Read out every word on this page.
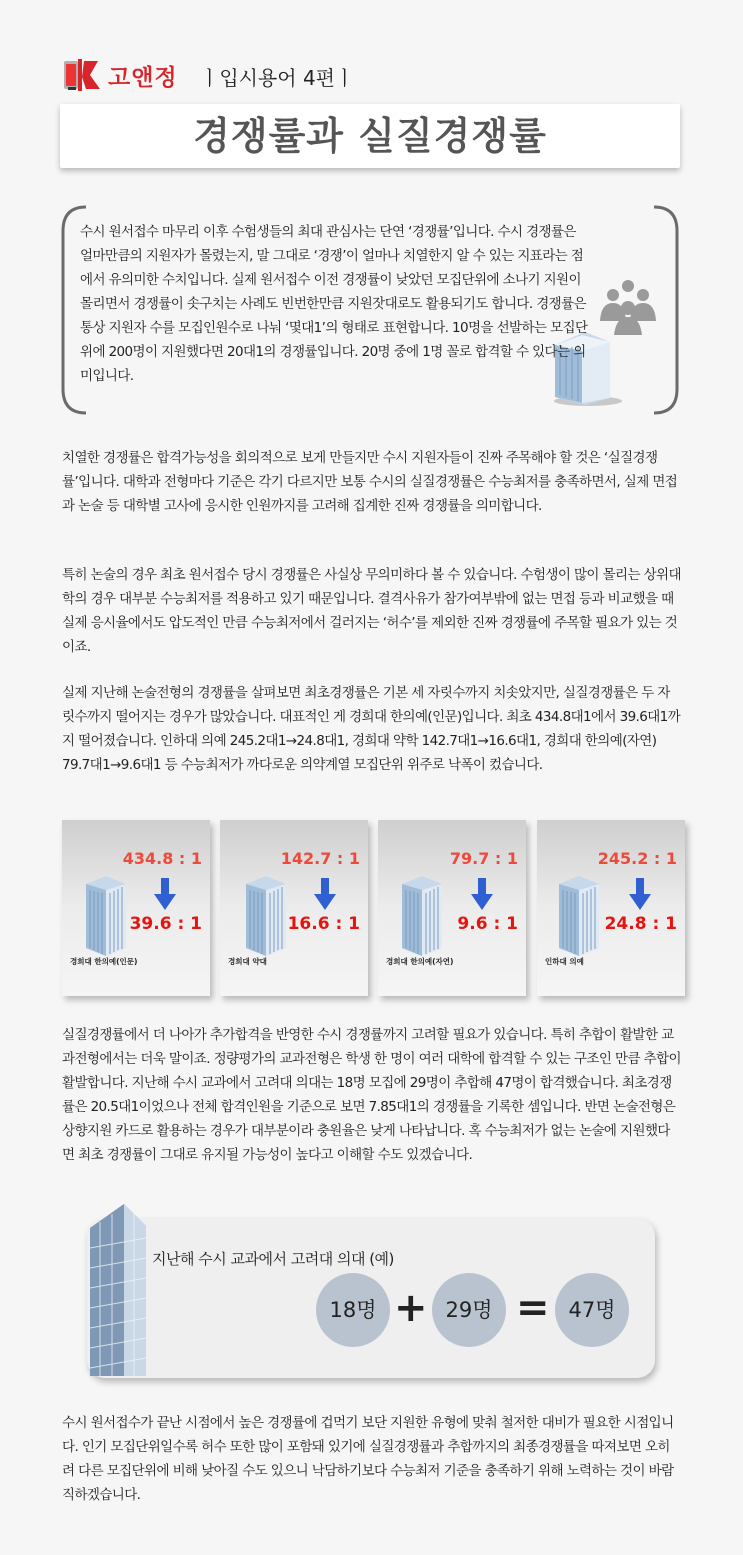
고앤정 ㅣ입시용어 4편ㅣ
경쟁률과 실질경쟁률
수시 원서접수 마무리 이후 수험생들의 최대 관심사는 단연 ‘경쟁률’입니다. 수시 경쟁률은 얼마만큼의 지원자가 몰렸는지, 말 그대로 ‘경쟁’이 얼마나 치열한지 알 수 있는 지표라는 점에서 유의미한 수치입니다. 실제 원서접수 이전 경쟁률이 낮았던 모집단위에 소나기 지원이 몰리면서 경쟁률이 솟구치는 사례도 빈번한만큼 지원잣대로도 활용되기도 합니다. 경쟁률은 통상 지원자 수를 모집인원수로 나눠 ‘몇대1’의 형태로 표현합니다. 10명을 선발하는 모집단위에 200명이 지원했다면 20대1의 경쟁률입니다. 20명 중에 1명 꼴로 합격할 수 있다는 의미입니다.
치열한 경쟁률은 합격가능성을 회의적으로 보게 만들지만 수시 지원자들이 진짜 주목해야 할 것은 ‘실질경쟁률’입니다. 대학과 전형마다 기준은 각기 다르지만 보통 수시의 실질경쟁률은 수능최저를 충족하면서, 실제 면접과 논술 등 대학별 고사에 응시한 인원까지를 고려해 집계한 진짜 경쟁률을 의미합니다.
특히 논술의 경우 최초 원서접수 당시 경쟁률은 사실상 무의미하다 볼 수 있습니다. 수험생이 많이 몰리는 상위대학의 경우 대부분 수능최저를 적용하고 있기 때문입니다. 결격사유가 참가여부밖에 없는 면접 등과 비교했을 때 실제 응시율에서도 압도적인 만큼 수능최저에서 걸러지는 ‘허수’를 제외한 진짜 경쟁률에 주목할 필요가 있는 것이죠.
실제 지난해 논술전형의 경쟁률을 살펴보면 최초경쟁률은 기본 세 자릿수까지 치솟았지만, 실질경쟁률은 두 자릿수까지 떨어지는 경우가 많았습니다. 대표적인 게 경희대 한의예(인문)입니다. 최초 434.8대1에서 39.6대1까지 떨어졌습니다. 인하대 의예 245.2대1→24.8대1, 경희대 약학 142.7대1→16.6대1, 경희대 한의예(자연) 79.7대1→9.6대1 등 수능최저가 까다로운 의약계열 모집단위 위주로 낙폭이 컸습니다.
434.8 : 1
39.6 : 1
경희대 한의예(인문)
142.7 : 1
16.6 : 1
경희대 약대
79.7 : 1
9.6 : 1
경희대 한의예(자연)
245.2 : 1
24.8 : 1
인하대 의예
실질경쟁률에서 더 나아가 추가합격을 반영한 수시 경쟁률까지 고려할 필요가 있습니다. 특히 추합이 활발한 교과전형에서는 더욱 말이죠. 정량평가의 교과전형은 학생 한 명이 여러 대학에 합격할 수 있는 구조인 만큼 추합이 활발합니다. 지난해 수시 교과에서 고려대 의대는 18명 모집에 29명이 추합해 47명이 합격했습니다. 최초경쟁률은 20.5대1이었으나 전체 합격인원을 기준으로 보면 7.85대1의 경쟁률을 기록한 셈입니다. 반면 논술전형은 상향지원 카드로 활용하는 경우가 대부분이라 충원율은 낮게 나타납니다. 혹 수능최저가 없는 논술에 지원했다면 최초 경쟁률이 그대로 유지될 가능성이 높다고 이해할 수도 있겠습니다.
지난해 수시 교과에서 고려대 의대 (예)
18명 + 29명 = 47명
수시 원서접수가 끝난 시점에서 높은 경쟁률에 겁먹기 보단 지원한 유형에 맞춰 철저한 대비가 필요한 시점입니다. 인기 모집단위일수록 허수 또한 많이 포함돼 있기에 실질경쟁률과 추합까지의 최종경쟁률을 따져보면 오히려 다른 모집단위에 비해 낮아질 수도 있으니 낙담하기보다 수능최저 기준을 충족하기 위해 노력하는 것이 바람직하겠습니다.
